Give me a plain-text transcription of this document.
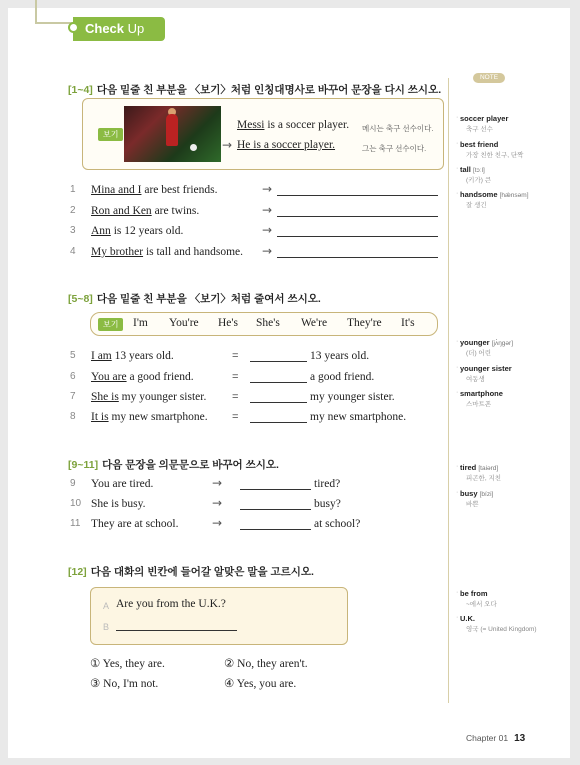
Check Up
[1~4] 다음 밑줄 친 부분을 〈보기〉처럼 인칭대명사로 바꾸어 문장을 다시 쓰시오.
보기
Messi is a soccer player. 메시는 축구 선수이다.
→ He is a soccer player.	그는 축구 선수이다.
1 Mina and I are best friends.	→
2 Ron and Ken are twins.	→
3 Ann is 12 years old.	→
4 My brother is tall and handsome.	→
[5~8] 다음 밑줄 친 부분을 〈보기〉처럼 줄여서 쓰시오.
보기	I'm You're He's She's We're They're It's
5 I am 13 years old.	=	13 years old.
6 You are a good friend.	=	a good friend.
7 She is my younger sister. =	my younger sister.
8 It is my new smartphone. =	my new smartphone.
[9~11] 다음 문장을 의문문으로 바꾸어 쓰시오.
9 You are tired.	→	tired?
10 She is busy.	→	busy?
11 They are at school.	→	at school?
[12] 다음 대화의 빈칸에 들어갈 알맞은 말을 고르시오.
A Are you from the U.K.?
B
① Yes, they are.	② No, they aren't.
③ No, I'm not.	④ Yes, you are.
NOTE
· soccer player
축구 선수
· best friend
가장 친한 친구, 단짝
· tall [tɔːl]
(키가) 큰
· handsome [hǽnsəm]
잘 생긴
· younger [jʌ́ŋgər]
(더) 어린
· younger sister
여동생
· smartphone
스마트폰
· tired [taiərd]
피곤한, 지친
· busy [bízi]
바쁜
· be from
~에서 오다
· U.K.
영국 (= United Kingdom)
Chapter 01 13
